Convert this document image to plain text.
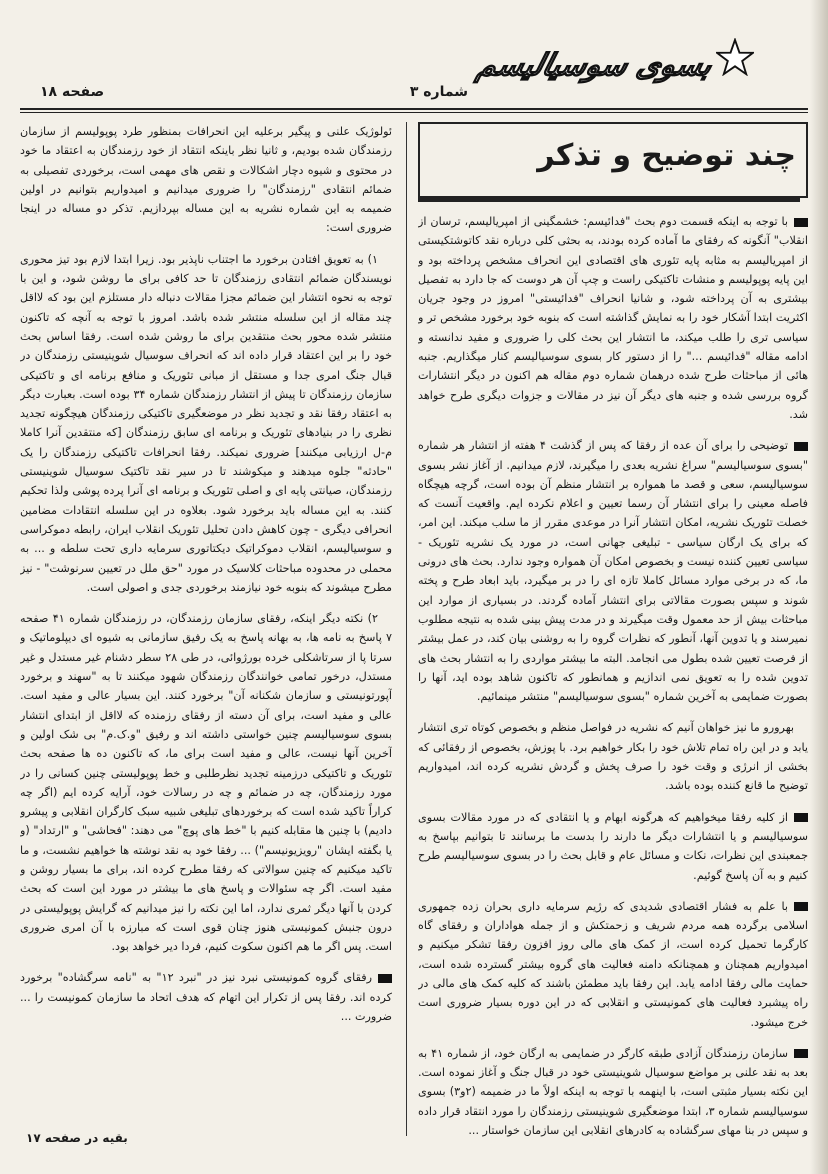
بسوی سوسیالیسم
شماره ۳
صفحه ۱۸
چند توضیح و تذکر

با توجه به اینکه قسمت دوم بحث "فدائیسم: خشمگینی از امپریالیسم، ترسان از انقلاب" آنگونه که رفقای ما آماده کرده بودند، به بحثی کلی درباره نقد کاتوشتکیستی از امپریالیسم به مثابه پایه تئوری های اقتصادی این انحراف مشخص پرداخته بود و این پایه پوپولیسم و منشات تاکتیکی راست و چپ آن هر دوست که جا دارد به تفصیل بیشتری به آن پرداخته شود، و شانیا انحراف "فدائیستی" امروز در وجود جریان اکثریت ابتدا آشکار خود را به نمایش گذاشته است که بنوبه خود برخورد مشخص تر و سیاسی تری را طلب میکند، ما انتشار این بحث کلی را ضروری و مفید ندانسته و ادامه مقاله "فدائیسم ..." را از دستور کار بسوی سوسیالیسم کنار میگذاریم. جنبه هائی از مباحثات طرح شده درهمان شماره دوم مقاله هم اکنون در دیگر انتشارات گروه بررسی شده و جنبه های دیگر آن نیز در مقالات و جزوات دیگری طرح خواهد شد.

توضیحی را برای آن عده از رفقا که پس از گذشت ۴ هفته از انتشار هر شماره "بسوی سوسیالیسم" سراغ نشریه بعدی را میگیرند، لازم میدانیم. از آغاز نشر بسوی سوسیالیسم، سعی و قصد ما همواره بر انتشار منظم آن بوده است، گرچه هیچگاه فاصله معینی را برای انتشار آن رسما تعیین و اعلام نکرده ایم. واقعیت آنست که خصلت تئوریک نشریه، امکان انتشار آنرا در موعدی مقرر از ما سلب میکند. این امر، که برای یک ارگان سیاسی - تبلیغی جهانی است، در مورد یک نشریه تئوریک - سیاسی تعیین کننده نیست و بخصوص امکان آن همواره وجود ندارد. بحث های درونی ما، که در برخی موارد مسائل کاملا تازه ای را در بر میگیرد، باید ابعاد طرح و پخته شوند و سپس بصورت مقالاتی برای انتشار آماده گردند. در بسیاری از موارد این مباحثات بیش از حد معمول وقت میگیرند و در مدت پیش بینی شده به نتیجه مطلوب نمیرسند و یا تدوین آنها، آنطور که نظرات گروه را به روشنی بیان کند، در عمل بیشتر از فرصت تعیین شده بطول می انجامد. البته ما بیشتر مواردی را به انتشار بحث های تدوین شده را به تعویق نمی اندازیم و همانطور که تاکنون شاهد بوده اید، آنها را بصورت ضمایمی به آخرین شماره "بسوی سوسیالیسم" منتشر مینمائیم.

بهرورو ما نیز خواهان آنیم که نشریه در فواصل منظم و بخصوص کوتاه تری انتشار یابد و در این راه تمام تلاش خود را بکار خواهیم برد. با پوزش، بخصوص از رفقائی که بخشی از انرژی و وقت خود را صرف پخش و گردش نشریه کرده اند، امیدواریم توضیح ما قانع کننده بوده باشد.

از کلیه رفقا میخواهیم که هرگونه ابهام و یا انتقادی که در مورد مقالات بسوی سوسیالیسم و یا انتشارات دیگر ما دارند را بدست ما برسانند تا بتوانیم بپاسخ به جمعبندی این نظرات، نکات و مسائل عام و قابل بحث را در بسوی سوسیالیسم طرح کنیم و به آن پاسخ گوئیم.

با علم به فشار اقتصادی شدیدی که رژیم سرمایه داری بحران زده جمهوری اسلامی برگرده همه مردم شریف و زحمتکش و از جمله هواداران و رفقای گاه کارگرما تحمیل کرده است، از کمک های مالی روز افزون رفقا تشکر میکنیم و امیدواریم همچنان و همچنانکه دامنه فعالیت های گروه بیشتر گسترده شده است، حمایت مالی رفقا ادامه یابد. این رفقا باید مطمئن باشند که کلیه کمک های مالی در راه پیشبرد فعالیت های کمونیستی و انقلابی که در این دوره بسیار ضروری است خرج میشود.

سازمان رزمندگان آزادی طبقه کارگر در ضمایمی به ارگان خود، از شماره ۴۱ به بعد به نقد علنی بر مواضع سوسیال شوینیستی خود در قبال جنگ و آغاز نموده است. این نکته بسیار مثبتی است، با اینهمه با توجه به اینکه اولاً ما در ضمیمه (۲و۳) بسوی سوسیالیسم شماره ۳، ابتدا موضعگیری شوینیستی رزمندگان را مورد انتقاد قرار داده و سپس در بنا مهای سرگشاده به کادرهای انقلابی این سازمان خواستار ...

ئولوژیک علنی و پیگیر برعلیه این انحرافات بمنظور طرد پوپولیسم از سازمان رزمندگان شده بودیم، و ثانیا نظر باینکه انتقاد از خود رزمندگان به اعتقاد ما خود در محتوی و شیوه دچار اشکالات و نقص های مهمی است، برخوردی تفصیلی به ضمائم انتقادی "رزمندگان" را ضروری میدانیم و امیدواریم بتوانیم در اولین ضمیمه به این شماره نشریه به این مساله بپردازیم. تذکر دو مساله در اینجا ضروری است:

۱) به تعویق افتادن برخورد ما اجتناب ناپذیر بود. زیرا ابتدا لازم بود تیز محوری نویسندگان ضمائم انتقادی رزمندگان تا حد کافی برای ما روشن شود، و این با توجه به نحوه انتشار این ضمائم مجزا مقالات دنباله دار مستلزم این بود که لااقل چند مقاله از این سلسله منتشر شده باشد. امروز با توجه به آنچه که تاکنون منتشر شده محور بحث منتقدین برای ما روشن شده است. رفقا اساس بحث خود را بر این اعتقاد قرار داده اند که انحراف سوسیال شوینیستی رزمندگان در قبال جنگ امری جدا و مستقل از مبانی تئوریک و منافع برنامه ای و تاکتیکی سازمان رزمندگان تا پیش از انتشار رزمندگان شماره ۳۴ بوده است. بعبارت دیگر به اعتقاد رفقا نقد و تجدید نظر در موضعگیری تاکتیکی رزمندگان هیچگونه تجدید نظری را در بنیادهای تئوریک و برنامه ای سابق رزمندگان [که منتقدین آنرا کاملا م-ل ارزیابی میکنند] ضروری نمیکند. رفقا انحرافات تاکتیکی رزمندگان را یک "حادثه" جلوه میدهند و میکوشند تا در سیر نقد تاکتیک سوسیال شوینیستی رزمندگان، صیانتی پایه ای و اصلی تئوریک و برنامه ای آنرا پرده پوشی ولذا تحکیم کنند. به این مساله باید برخورد شود. بعلاوه در این سلسله انتقادات مضامین انحرافی دیگری - چون کاهش دادن تحلیل تئوریک انقلاب ایران، رابطه دموکراسی و سوسیالیسم، انقلاب دموکراتیک دیکتاتوری سرمایه داری تحت سلطه و ... به محملی در محدوده مباحثات کلاسیک در مورد "حق ملل در تعیین سرنوشت" - نیز مطرح میشوند که بنوبه خود نیازمند برخوردی جدی و اصولی است.

۲) نکته دیگر اینکه، رفقای سازمان رزمندگان، در رزمندگان شماره ۴۱ صفحه ۷ پاسخ به نامه ها، به بهانه پاسخ به یک رفیق سازمانی به شیوه ای دیپلوماتیک و سرتا پا از سرتاشکلی خرده بورژوائی، در طی ۲۸ سطر دشنام غیر مستدل و غیر مستدل، درخور تمامی خوانندگان رزمندگان شهود میکنند تا به "سهند و برخورد آپورتونیستی و سازمان شکنانه آن" برخورد کنند. این بسیار عالی و مفید است. عالی و مفید است، برای آن دسته از رفقای رزمنده که لااقل از ابتدای انتشار بسوی سوسیالیسم چنین خواستی داشته اند و رفیق "و.ک.م" بی شک اولین و آخرین آنها نیست، عالی و مفید است برای ما، که تاکنون ده ها صفحه بحث تئوریک و تاکتیکی درزمینه تجدید نظرطلبی و خط پوپولیستی چنین کسانی را در مورد رزمندگان، چه در ضمائم و چه در رسالات خود، آرایه کرده ایم (اگر چه کراراً تاکید شده است که برخوردهای تبلیغی شبیه سبک کارگران انقلابی و پیشرو دادیم) با چنین ها مقابله کنیم با "خط های پوچ" می دهند: "فحاشی" و "ارتداد" (و یا بگفته ایشان "رویزیونیسم") ... رفقا خود به نقد نوشته ها خواهیم نشست، و ما تاکید میکنیم که چنین سوالاتی که رفقا مطرح کرده اند، برای ما بسیار روشن و مفید است. اگر چه سئوالات و پاسخ های ما بیشتر در مورد این است که بحث کردن با آنها دیگر ثمری ندارد، اما این نکته را نیز میدانیم که گرایش پوپولیستی در درون جنبش کمونیستی هنوز چنان قوی است که مبارزه با آن امری ضروری است. پس اگر ما هم اکنون سکوت کنیم، فردا دیر خواهد بود.

رفقای گروه کمونیستی نبرد نیز در "نبرد ۱۲" به "نامه سرگشاده" برخورد کرده اند. رفقا پس از تکرار این اتهام که هدف اتحاد ما سازمان کمونیست را ... ضرورت ...

بقیه در صفحه ۱۷
